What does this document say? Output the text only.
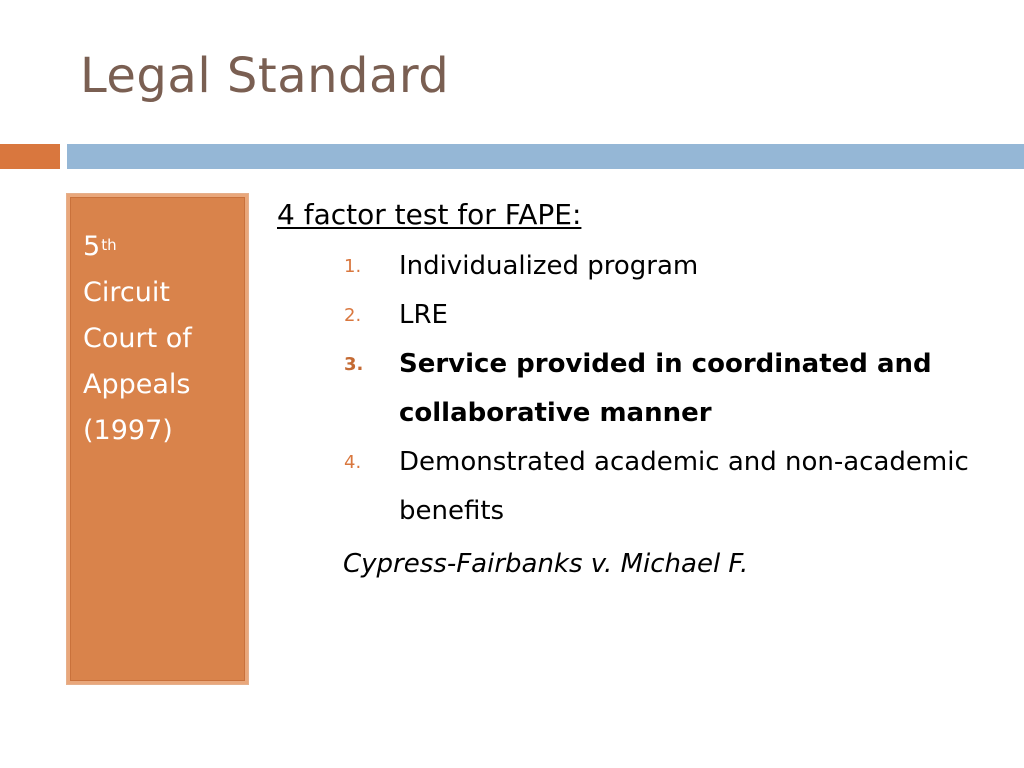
Legal Standard
5th
Circuit
Court of
Appeals
(1997)

4 factor test for FAPE:

1. Individualized program
2. LRE
3. Service provided in coordinated and collaborative manner
4. Demonstrated academic and non-academic benefits
Cypress-Fairbanks v. Michael F.
